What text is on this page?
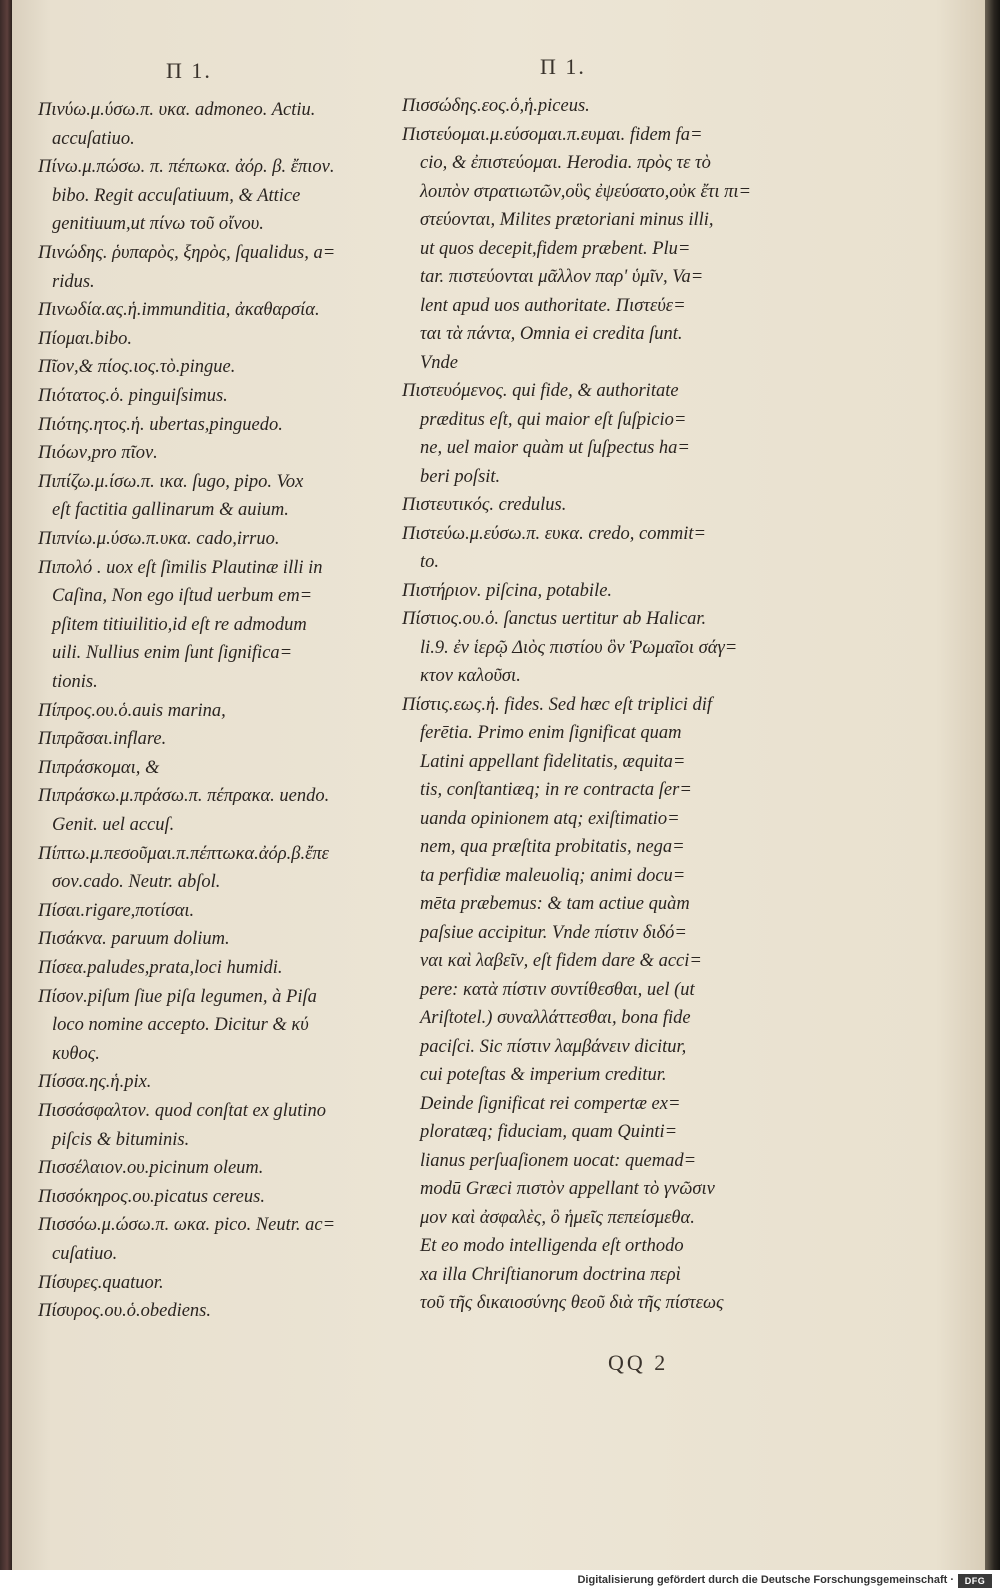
Π 1.
Πινύω.μ.ύσω.π. υκα. admoneo. Actiu.
accuſatiuo.
Πίνω.μ.πώσω. π. πέπωκα. ἀόρ. β. ἔπιον.
bibo. Regit accuſatiuum, & Attice
genitiuum,ut πίνω τοῦ οἴνου.
Πινώδης. ῥυπαρὸς, ξηρὸς, ſqualidus, a=
ridus.
Πινωδία.ας.ἡ.immunditia, ἀκαθαρσία.
Πίομαι.bibo.
Πῖον,& πίος.ιος.τὸ.pingue.
Πιότατος.ὁ. pinguiſsimus.
Πιότης.ητος.ἡ. ubertas,pinguedo.
Πιόων,pro πῖον.
Πιπίζω.μ.ίσω.π. ικα. ſugo, pipo. Vox
eſt factitia gallinarum & auium.
Πιπνίω.μ.ύσω.π.υκα. cado,irruo.
Πιπολό . uox eſt ſimilis Plautinæ illi in
Caſina, Non ego iſtud uerbum em=
pſitem titiuilitio,id eſt re admodum
uili. Nullius enim ſunt ſignifica=
tionis.
Πίπρος.ου.ὁ.auis marina,
Πιπρᾶσαι.inflare.
Πιπράσκομαι, &
Πιπράσκω.μ.πράσω.π. πέπρακα. uendo.
Genit. uel accuſ.
Πίπτω.μ.πεσοῦμαι.π.πέπτωκα.ἀόρ.β.ἔπε
σον.cado. Neutr. abſol.
Πίσαι.rigare,ποτίσαι.
Πισάκνα. paruum dolium.
Πίσεα.paludes,prata,loci humidi.
Πίσον.piſum ſiue piſa legumen, à Piſa
loco nomine accepto. Dicitur & κύ
κυθος.
Πίσσα.ης.ἡ.pix.
Πισσάσφαλτον. quod conſtat ex glutino
piſcis & bituminis.
Πισσέλαιον.ου.picinum oleum.
Πισσόκηρος.ου.picatus cereus.
Πισσόω.μ.ώσω.π. ωκα. pico. Neutr. ac=
cuſatiuo.
Πίσυρες.quatuor.
Πίσυρος.ου.ὁ.obediens.
Π 1.
Πισσώδης.εος.ὁ,ἡ.piceus.
Πιστεύομαι.μ.εύσομαι.π.ευμαι. fidem fa=
cio, & ἐπιστεύομαι. Herodia. πρὸς τε τὸ
λοιπὸν στρατιωτῶν,οὓς ἐψεύσατο,οὐκ ἔτι πι=
στεύονται, Milites prætoriani minus illi,
ut quos decepit,fidem præbent. Plu=
tar. πιστεύονται μᾶλλον παρ' ὑμῖν, Va=
lent apud uos authoritate. Πιστεύε=
ται τὰ πάντα, Omnia ei credita ſunt.
Vnde
Πιστευόμενος. qui fide, & authoritate
præditus eſt, qui maior eſt ſuſpicio=
ne, uel maior quàm ut ſuſpectus ha=
beri poſsit.
Πιστευτικός. credulus.
Πιστεύω.μ.εύσω.π. ευκα. credo, commit=
to.
Πιστήριον. piſcina, potabile.
Πίστιος.ου.ὁ. ſanctus uertitur ab Halicar.
li.9. ἐν ἱερῷ Διὸς πιστίου ὃν Ῥωμαῖοι σάγ=
κτον καλοῦσι.
Πίστις.εως.ἡ. fides. Sed hæc eſt triplici dif
ferētia. Primo enim ſignificat quam
Latini appellant fidelitatis, æquita=
tis, conſtantiæq; in re contracta ſer=
uanda opinionem atq; exiſtimatio=
nem, qua præſtita probitatis, nega=
ta perfidiæ maleuoliq; animi docu=
mēta præbemus: & tam actiue quàm
paſsiue accipitur. Vnde πίστιν διδό=
ναι καὶ λαβεῖν, eſt fidem dare & acci=
pere: κατὰ πίστιν συντίθεσθαι, uel (ut
Ariſtotel.) συναλλάττεσθαι, bona fide
paciſci. Sic πίστιν λαμβάνειν dicitur,
cui poteſtas & imperium creditur.
Deinde ſignificat rei compertæ ex=
ploratæq; fiduciam, quam Quinti=
lianus perſuaſionem uocat: quemad=
modū Græci πιστὸν appellant τὸ γνῶσιν
μον καὶ ἀσφαλὲς, ὃ ἡμεῖς πεπείσμεθα.
Et eo modo intelligenda eſt orthodo
xa illa Chriſtianorum doctrina περὶ
τοῦ τῆς δικαιοσύνης θεοῦ διὰ τῆς πίστεως
QQ 2
Digitalisierung gefördert durch die Deutsche Forschungsgemeinschaft ·	DFG
